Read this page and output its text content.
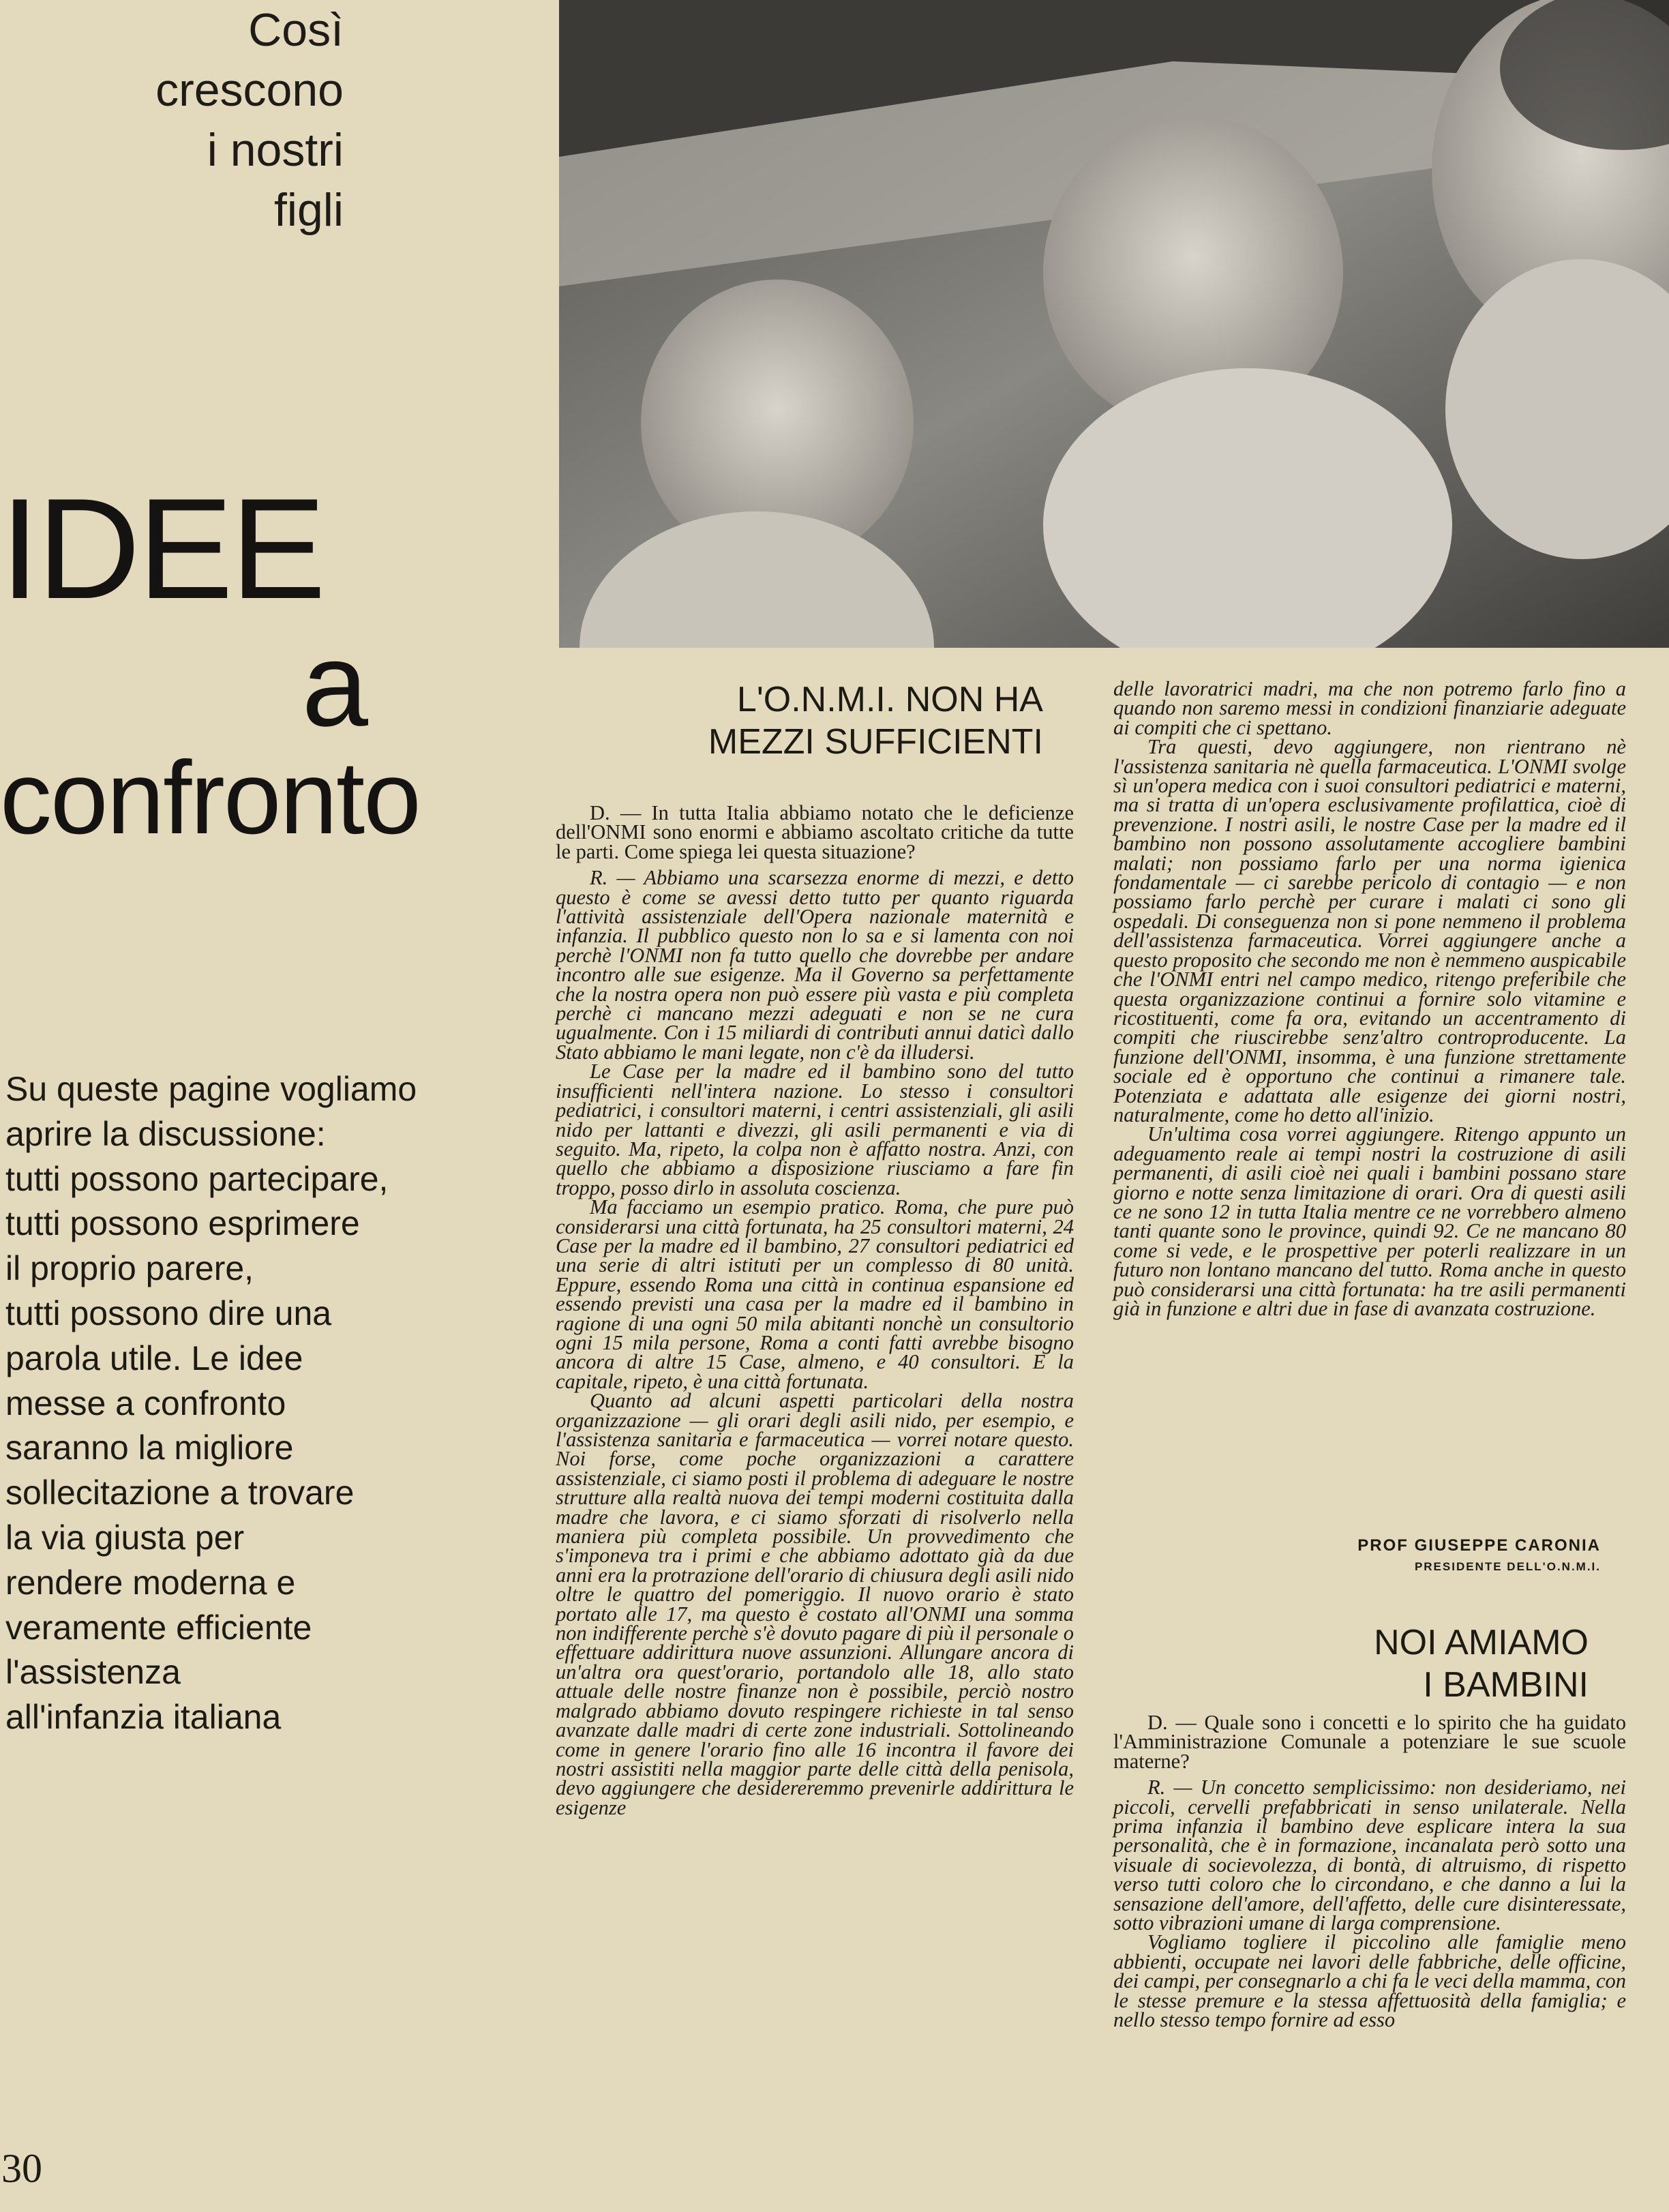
Così
crescono
i nostri
figli
IDEE
a
confronto
Su queste pagine vogliamo
aprire la discussione:
tutti possono partecipare,
tutti possono esprimere
il proprio parere,
tutti possono dire una
parola utile. Le idee
messe a confronto
saranno la migliore
sollecitazione a trovare
la via giusta per
rendere moderna e
veramente efficiente
l'assistenza
all'infanzia italiana
L'O.N.M.I. NON HA
MEZZI SUFFICIENTI

D. — In tutta Italia abbiamo notato che le deficienze dell'ONMI sono enormi e abbiamo ascoltato critiche da tutte le parti. Come spiega lei questa situazione?

R. — Abbiamo una scarsezza enorme di mezzi, e detto questo è come se avessi detto tutto per quanto riguarda l'attività assistenziale dell'Opera nazionale maternità e infanzia. Il pubblico questo non lo sa e si lamenta con noi perchè l'ONMI non fa tutto quello che dovrebbe per andare incontro alle sue esigenze. Ma il Governo sa perfettamente che la nostra opera non può essere più vasta e più completa perchè ci mancano mezzi adeguati e non se ne cura ugualmente. Con i 15 miliardi di contributi annui daticì dallo Stato abbiamo le mani legate, non c'è da illudersi.

Le Case per la madre ed il bambino sono del tutto insufficienti nell'intera nazione. Lo stesso i consultori pediatrici, i consultori materni, i centri assistenziali, gli asili nido per lattanti e divezzi, gli asili permanenti e via di seguito. Ma, ripeto, la colpa non è affatto nostra. Anzi, con quello che abbiamo a disposizione riusciamo a fare fin troppo, posso dirlo in assoluta coscienza.

Ma facciamo un esempio pratico. Roma, che pure può considerarsi una città fortunata, ha 25 consultori materni, 24 Case per la madre ed il bambino, 27 consultori pediatrici ed una serie di altri istituti per un complesso di 80 unità. Eppure, essendo Roma una città in continua espansione ed essendo previsti una casa per la madre ed il bambino in ragione di una ogni 50 mila abitanti nonchè un consultorio ogni 15 mila persone, Roma a conti fatti avrebbe bisogno ancora di altre 15 Case, almeno, e 40 consultori. E la capitale, ripeto, è una città fortunata.

Quanto ad alcuni aspetti particolari della nostra organizzazione — gli orari degli asili nido, per esempio, e l'assistenza sanitaria e farmaceutica — vorrei notare questo. Noi forse, come poche organizzazioni a carattere assistenziale, ci siamo posti il problema di adeguare le nostre strutture alla realtà nuova dei tempi moderni costituita dalla madre che lavora, e ci siamo sforzati di risolverlo nella maniera più completa possibile. Un provvedimento che s'imponeva tra i primi e che abbiamo adottato già da due anni era la protrazione dell'orario di chiusura degli asili nido oltre le quattro del pomeriggio. Il nuovo orario è stato portato alle 17, ma questo è costato all'ONMI una somma non indifferente perchè s'è dovuto pagare di più il personale o effettuare addirittura nuove assunzioni. Allungare ancora di un'altra ora quest'orario, portandolo alle 18, allo stato attuale delle nostre finanze non è possibile, perciò nostro malgrado abbiamo dovuto respingere richieste in tal senso avanzate dalle madri di certe zone industriali. Sottolineando come in genere l'orario fino alle 16 incontra il favore dei nostri assistiti nella maggior parte delle città della penisola, devo aggiungere che desidereremmo prevenirle addirittura le esigenze

delle lavoratrici madri, ma che non potremo farlo fino a quando non saremo messi in condizioni finanziarie adeguate ai compiti che ci spettano.

Tra questi, devo aggiungere, non rientrano nè l'assistenza sanitaria nè quella farmaceutica. L'ONMI svolge sì un'opera medica con i suoi consultori pediatrici e materni, ma si tratta di un'opera esclusivamente profilattica, cioè di prevenzione. I nostri asili, le nostre Case per la madre ed il bambino non possono assolutamente accogliere bambini malati; non possiamo farlo per una norma igienica fondamentale — ci sarebbe pericolo di contagio — e non possiamo farlo perchè per curare i malati ci sono gli ospedali. Di conseguenza non si pone nemmeno il problema dell'assistenza farmaceutica. Vorrei aggiungere anche a questo proposito che secondo me non è nemmeno auspicabile che l'ONMI entri nel campo medico, ritengo preferibile che questa organizzazione continui a fornire solo vitamine e ricostituenti, come fa ora, evitando un accentramento di compiti che riuscirebbe senz'altro controproducente. La funzione dell'ONMI, insomma, è una funzione strettamente sociale ed è opportuno che continui a rimanere tale. Potenziata e adattata alle esigenze dei giorni nostri, naturalmente, come ho detto all'inizio.

Un'ultima cosa vorrei aggiungere. Ritengo appunto un adeguamento reale ai tempi nostri la costruzione di asili permanenti, di asili cioè nei quali i bambini possano stare giorno e notte senza limitazione di orari. Ora di questi asili ce ne sono 12 in tutta Italia mentre ce ne vorrebbero almeno tanti quante sono le province, quindi 92. Ce ne mancano 80 come si vede, e le prospettive per poterli realizzare in un futuro non lontano mancano del tutto. Roma anche in questo può considerarsi una città fortunata: ha tre asili permanenti già in funzione e altri due in fase di avanzata costruzione.

PROF GIUSEPPE CARONIA
PRESIDENTE DELL'O.N.M.I.
NOI AMIAMO
I BAMBINI

D. — Quale sono i concetti e lo spirito che ha guidato l'Amministrazione Comunale a potenziare le sue scuole materne?

R. — Un concetto semplicissimo: non desideriamo, nei piccoli, cervelli prefabbricati in senso unilaterale. Nella prima infanzia il bambino deve esplicare intera la sua personalità, che è in formazione, incanalata però sotto una visuale di socievolezza, di bontà, di altruismo, di rispetto verso tutti coloro che lo circondano, e che danno a lui la sensazione dell'amore, dell'affetto, delle cure disinteressate, sotto vibrazioni umane di larga comprensione.

Vogliamo togliere il piccolino alle famiglie meno abbienti, occupate nei lavori delle fabbriche, delle officine, dei campi, per consegnarlo a chi fa le veci della mamma, con le stesse premure e la stessa affettuosità della famiglia; e nello stesso tempo fornire ad esso

30
